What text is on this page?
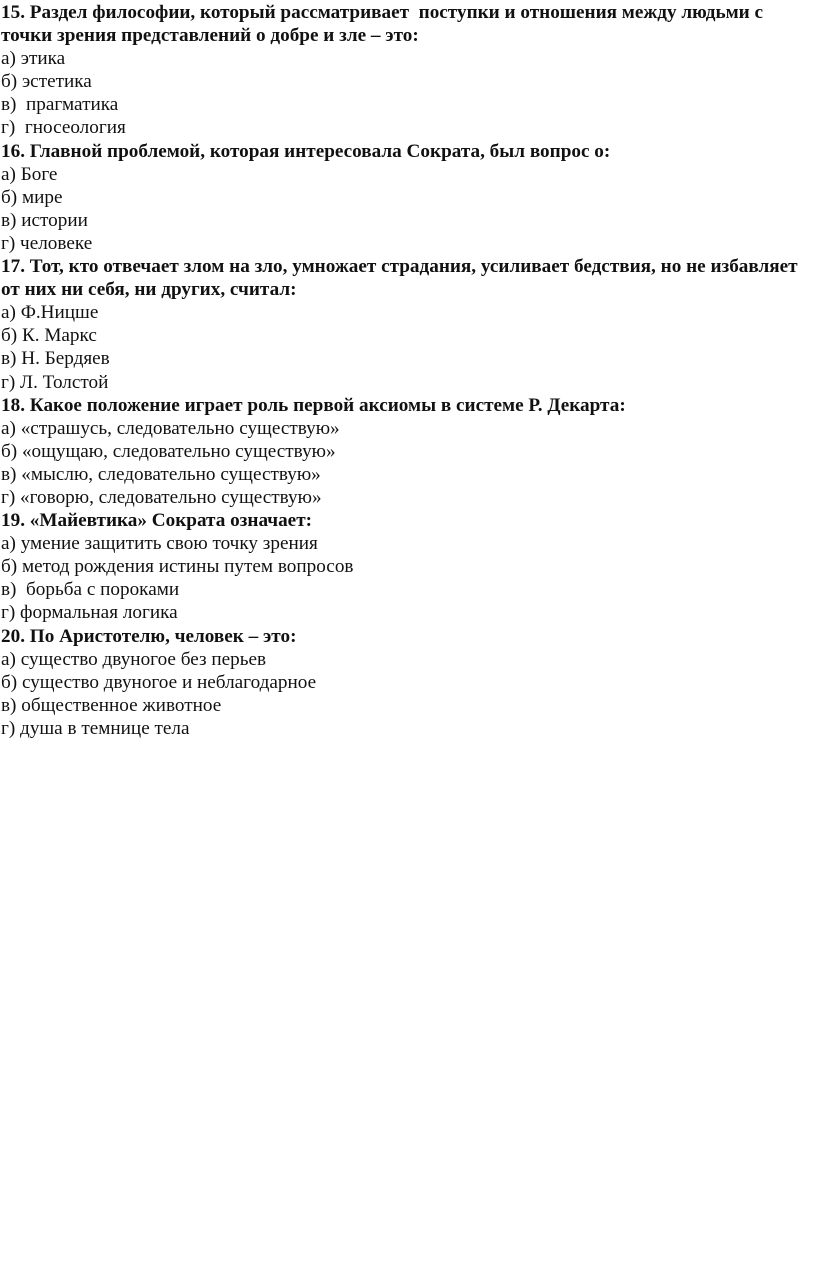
15. Раздел философии, который рассматривает  поступки и отношения между людьми с точки зрения представлений о добре и зле – это:

а) этика
б) эстетика
в)  прагматика
г)  гносеология

16. Главной проблемой, которая интересовала Сократа, был вопрос о:

а) Боге
б) мире
в) истории
г) человеке

17. Тот, кто отвечает злом на зло, умножает страдания, усиливает бедствия, но не избавляет от них ни себя, ни других, считал:

а) Ф.Ницше
б) К. Маркс
в) Н. Бердяев
г) Л. Толстой

18. Какое положение играет роль первой аксиомы в системе Р. Декарта:

а) «страшусь, следовательно существую»
б) «ощущаю, следовательно существую»
в) «мыслю, следовательно существую»
г) «говорю, следовательно существую»

19. «Майевтика» Сократа означает:

а) умение защитить свою точку зрения
б) метод рождения истины путем вопросов
в)  борьба с пороками
г) формальная логика

20. По Аристотелю, человек – это:

а) существо двуногое без перьев
б) существо двуногое и неблагодарное
в) общественное животное
г) душа в темнице тела
